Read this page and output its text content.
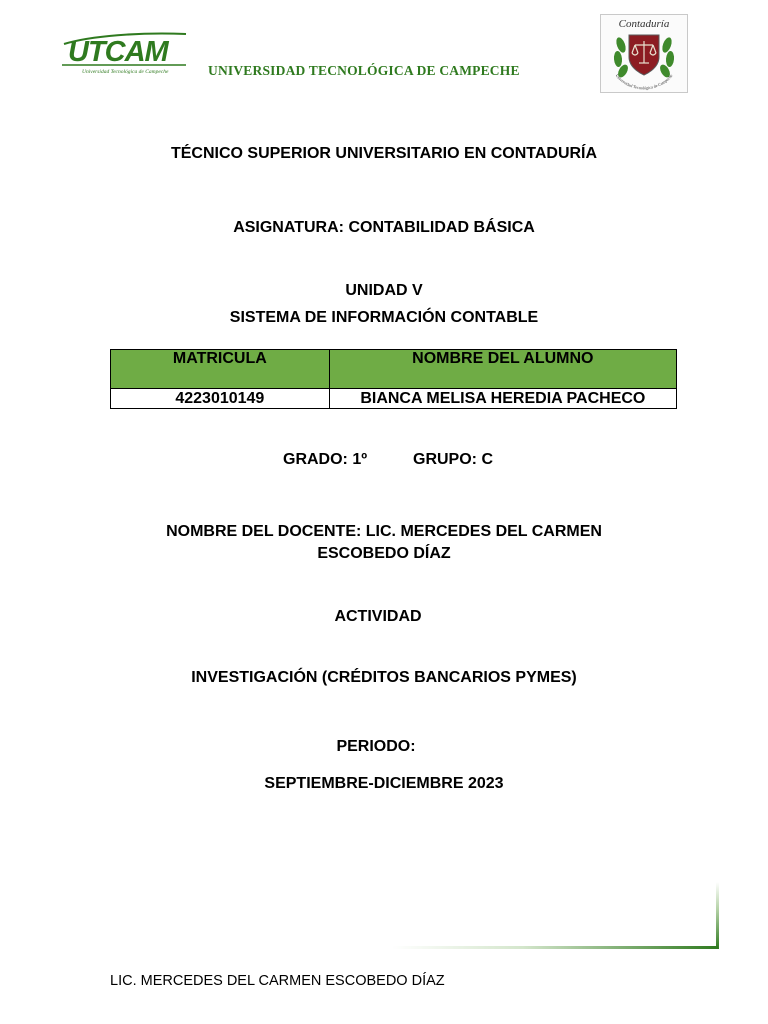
UTCAM
Universidad Tecnológica de Campeche	UNIVERSIDAD TECNOLÓGICA DE CAMPECHE
Contaduría
Universidad Tecnológica de Campeche
TÉCNICO SUPERIOR UNIVERSITARIO EN CONTADURÍA
ASIGNATURA: CONTABILIDAD BÁSICA
UNIDAD V
SISTEMA DE INFORMACIÓN CONTABLE
MATRICULA	NOMBRE DEL ALUMNO
4223010149	BIANCA MELISA HEREDIA PACHECO
GRADO: 1º	GRUPO: C
NOMBRE DEL DOCENTE: LIC. MERCEDES DEL CARMEN
ESCOBEDO DÍAZ
ACTIVIDAD
INVESTIGACIÓN (CRÉDITOS BANCARIOS PYMES)
PERIODO:
SEPTIEMBRE-DICIEMBRE 2023
LIC. MERCEDES DEL CARMEN ESCOBEDO DÍAZ
